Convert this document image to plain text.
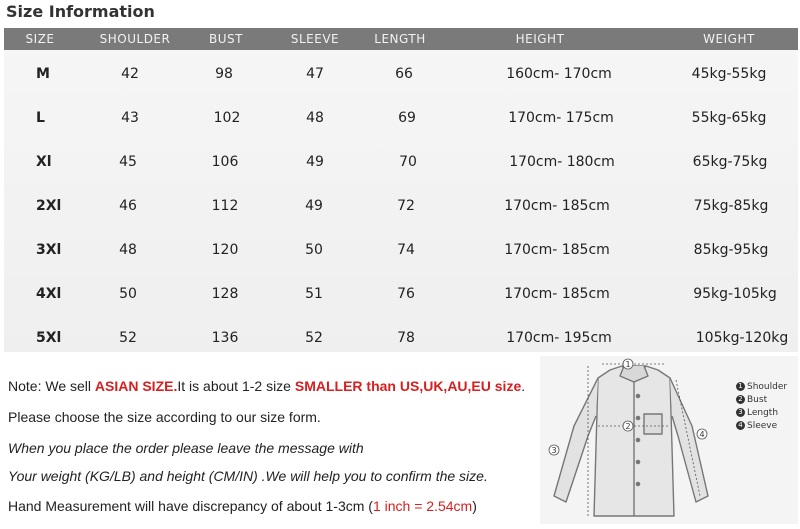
Size Information
SIZE	SHOULDER	BUST	SLEEVE	LENGTH	HEIGHT	WEIGHT
M	42	98	47	66	160cm- 170cm	45kg-55kg
L	43	102	48	69	170cm- 175cm	55kg-65kg
Xl	45	106	49	70	170cm- 180cm	65kg-75kg
2Xl	46	112	49	72	170cm- 185cm	75kg-85kg
3Xl	48	120	50	74	170cm- 185cm	85kg-95kg
4Xl	50	128	51	76	170cm- 185cm	95kg-105kg
5Xl	52	136	52	78	170cm- 195cm	105kg-120kg
Note: We sell ASIAN SIZE.It is about 1-2 size SMALLER than US,UK,AU,EU size.
Please choose the size according to our size form.
When you place the order please leave the message with
Your weight (KG/LB) and height (CM/IN) .We will help you to confirm the size.
Hand Measurement will have discrepancy of about 1-3cm (1 inch = 2.54cm)
1
2
3
4
1 Shoulder
2 Bust
3 Length
4 Sleeve
